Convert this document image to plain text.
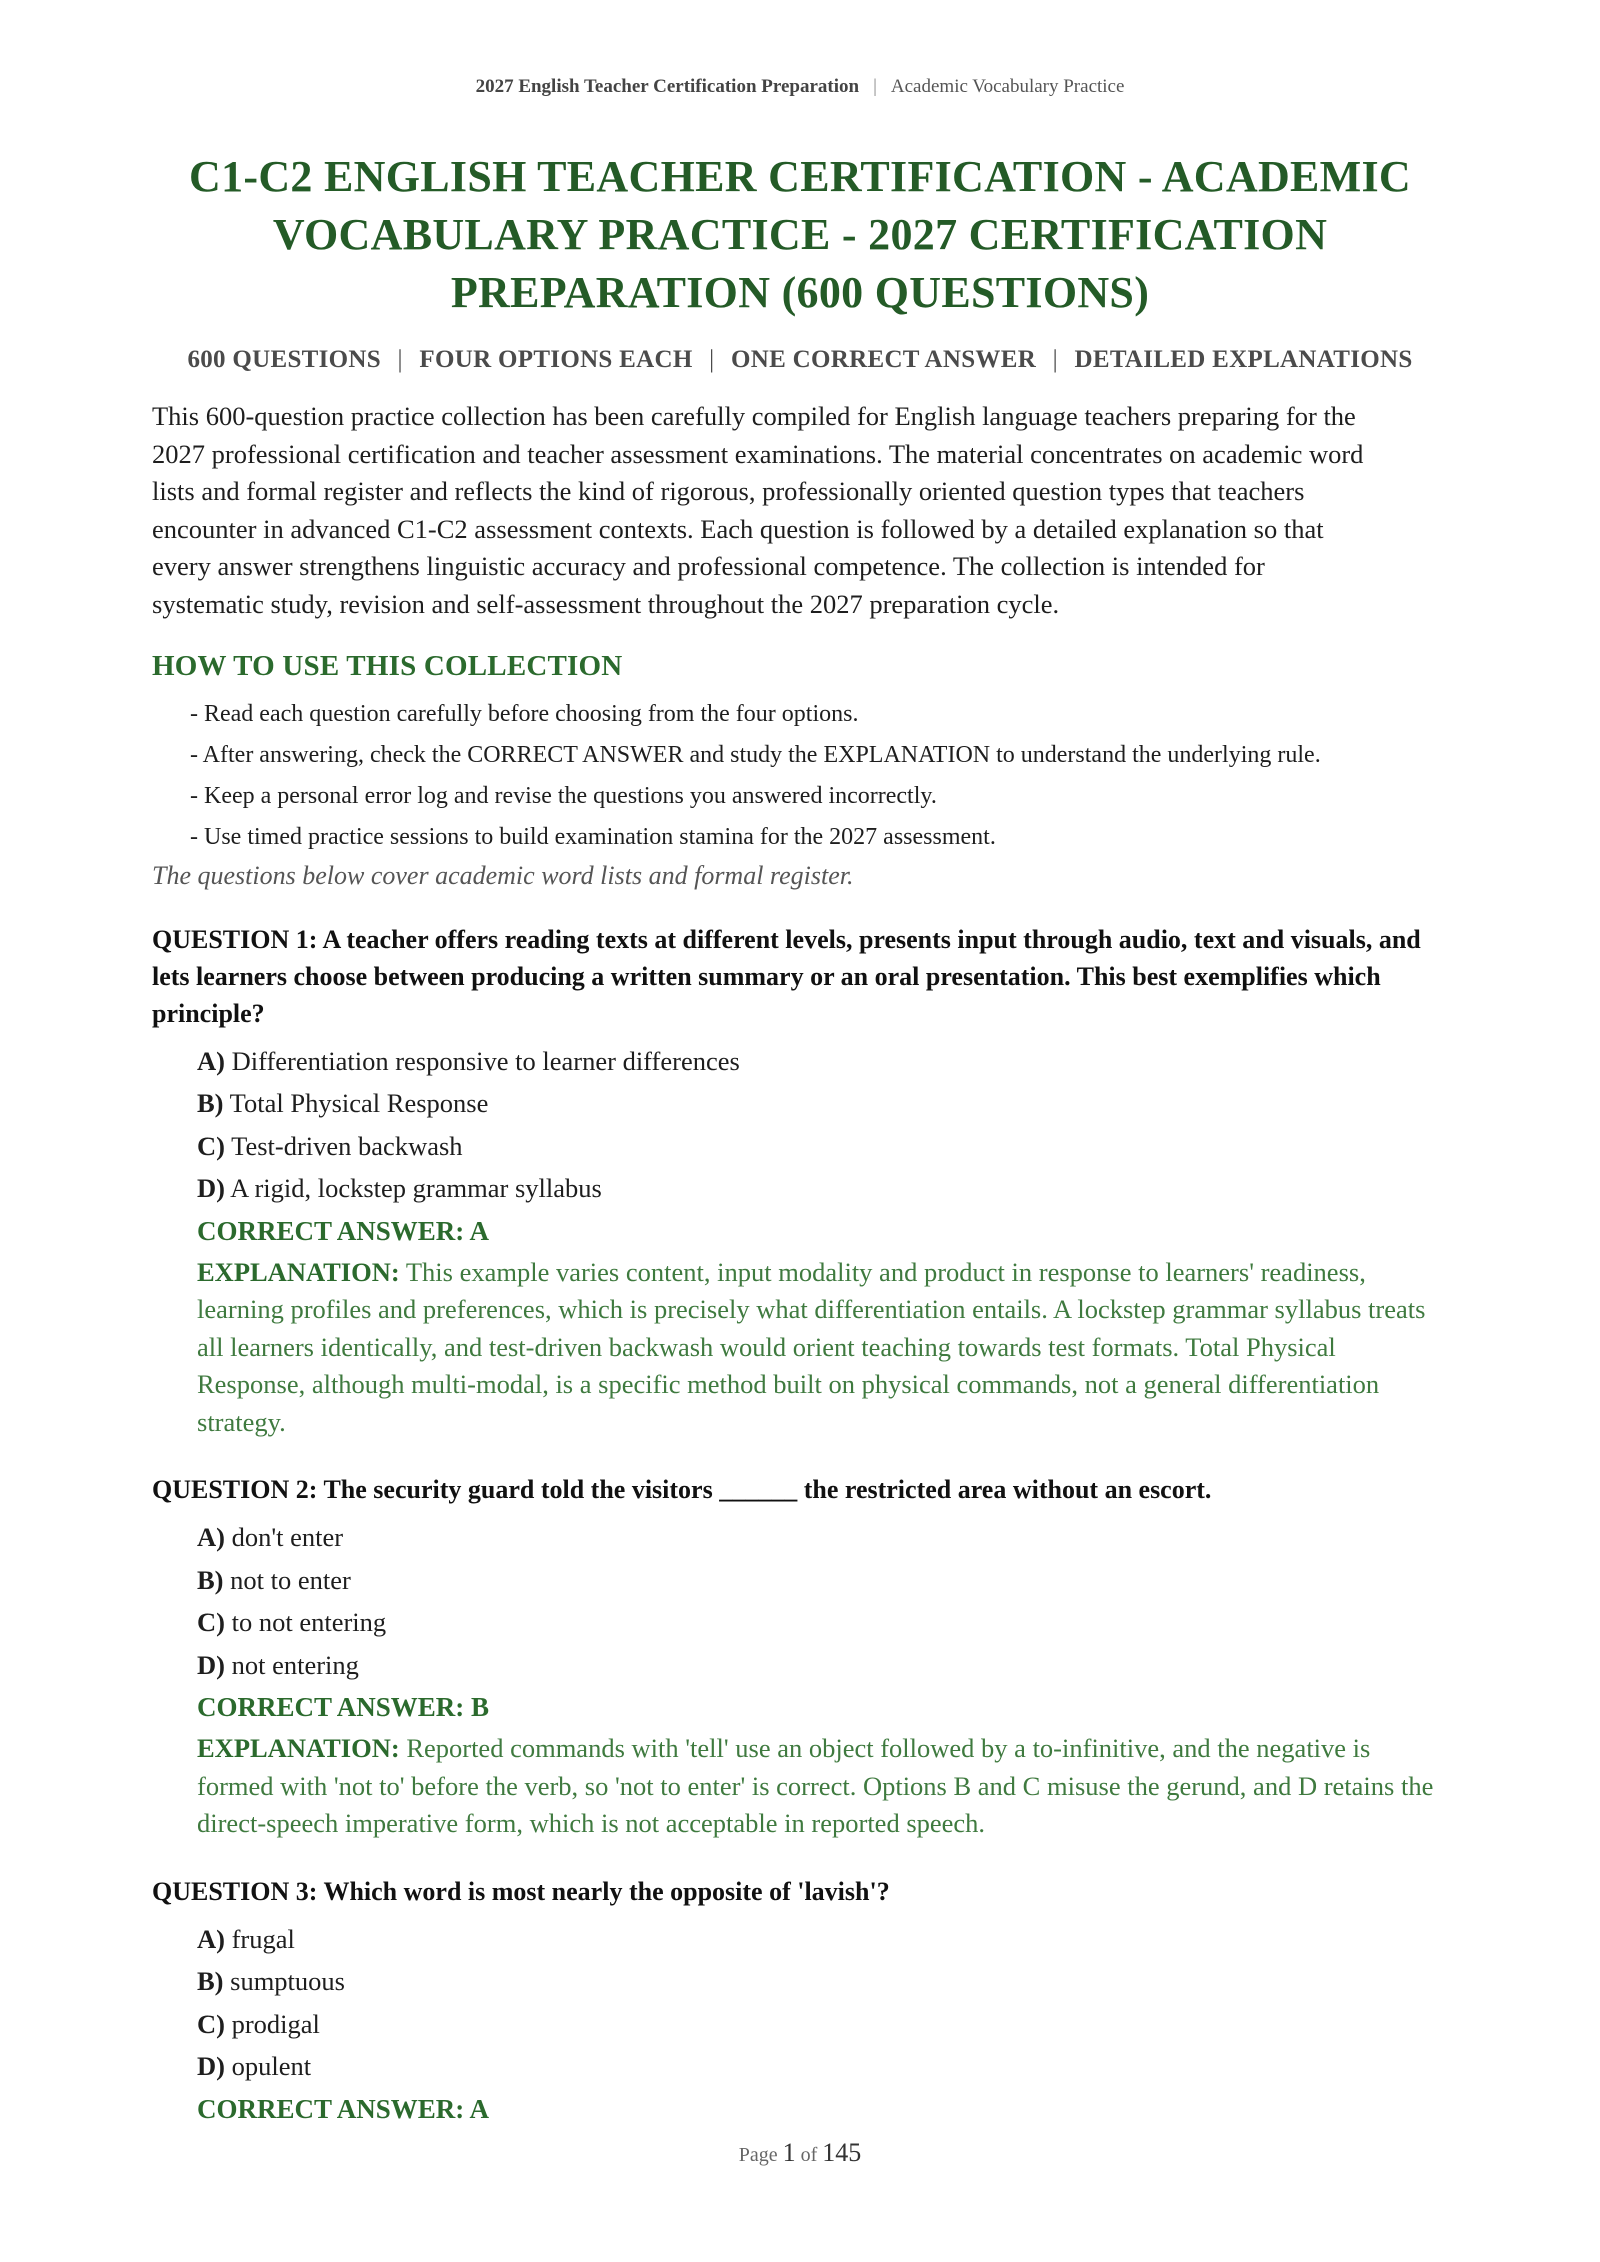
2027 English Teacher Certification Preparation | Academic Vocabulary Practice
C1-C2 ENGLISH TEACHER CERTIFICATION - ACADEMIC
VOCABULARY PRACTICE - 2027 CERTIFICATION
PREPARATION (600 QUESTIONS)
600 QUESTIONS | FOUR OPTIONS EACH | ONE CORRECT ANSWER | DETAILED EXPLANATIONS

This 600-question practice collection has been carefully compiled for English language teachers preparing for the
2027 professional certification and teacher assessment examinations. The material concentrates on academic word
lists and formal register and reflects the kind of rigorous, professionally oriented question types that teachers
encounter in advanced C1-C2 assessment contexts. Each question is followed by a detailed explanation so that
every answer strengthens linguistic accuracy and professional competence. The collection is intended for
systematic study, revision and self-assessment throughout the 2027 preparation cycle.

HOW TO USE THIS COLLECTION
- Read each question carefully before choosing from the four options.
- After answering, check the CORRECT ANSWER and study the EXPLANATION to understand the underlying rule.
- Keep a personal error log and revise the questions you answered incorrectly.
- Use timed practice sessions to build examination stamina for the 2027 assessment.
The questions below cover academic word lists and formal register.
QUESTION 1: A teacher offers reading texts at different levels, presents input through audio, text and visuals, and lets learners choose between producing a written summary or an oral presentation. This best exemplifies which principle?
A) Differentiation responsive to learner differences
B) Total Physical Response
C) Test-driven backwash
D) A rigid, lockstep grammar syllabus
CORRECT ANSWER: A
EXPLANATION: This example varies content, input modality and product in response to learners' readiness, learning profiles and preferences, which is precisely what differentiation entails. A lockstep grammar syllabus treats all learners identically, and test-driven backwash would orient teaching towards test formats. Total Physical Response, although multi-modal, is a specific method built on physical commands, not a general differentiation strategy.
QUESTION 2: The security guard told the visitors ______ the restricted area without an escort.
A) don't enter
B) not to enter
C) to not entering
D) not entering
CORRECT ANSWER: B
EXPLANATION: Reported commands with 'tell' use an object followed by a to-infinitive, and the negative is formed with 'not to' before the verb, so 'not to enter' is correct. Options B and C misuse the gerund, and D retains the direct-speech imperative form, which is not acceptable in reported speech.
QUESTION 3: Which word is most nearly the opposite of 'lavish'?
A) frugal
B) sumptuous
C) prodigal
D) opulent
CORRECT ANSWER: A
Page 1 of 145
